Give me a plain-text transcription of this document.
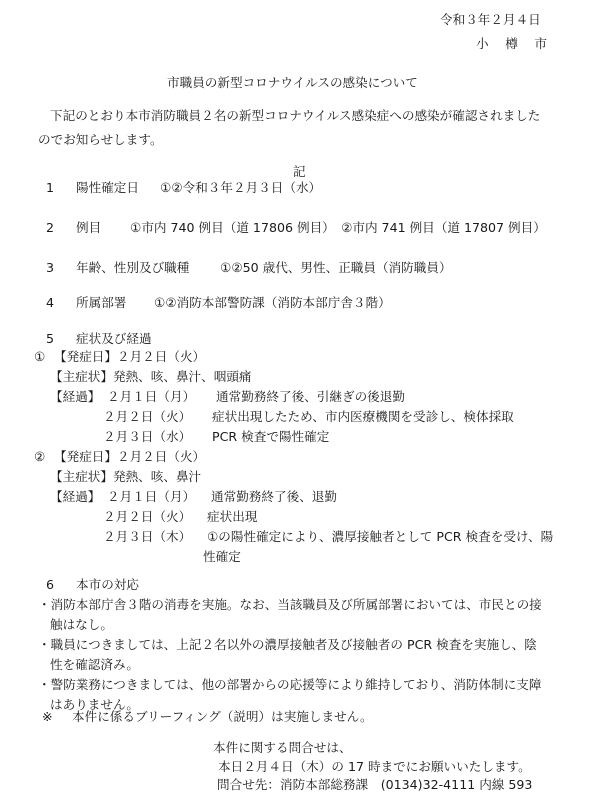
令和３年２月４日
小　樽　市
市職員の新型コロナウイルスの感染について
下記のとおり本市消防職員２名の新型コロナウイルス感染症への感染が確認されました
のでお知らせします。
記
1 陽性確定日 ①②令和３年２月３日（水）
2 例目 ①市内 740 例目（道 17806 例目）　②市内 741 例目（道 17807 例目）
3 年齢、性別及び職種 ①②50 歳代、男性、正職員（消防職員）
4 所属部署 ①②消防本部警防課（消防本部庁舎３階）
5 症状及び経過
① 【発症日】２月２日（火）
【主症状】発熱、咳、鼻汁、咽頭痛
【経過】 ２月１日（月） 通常勤務終了後、引継ぎの後退勤
２月２日（火） 症状出現したため、市内医療機関を受診し、検体採取
２月３日（水） PCR 検査で陽性確定
② 【発症日】２月２日（火）
【主症状】発熱、咳、鼻汁
【経過】 ２月１日（月） 通常勤務終了後、退勤
２月２日（火） 症状出現
２月３日（木） ①の陽性確定により、濃厚接触者として PCR 検査を受け、陽
性確定
6 本市の対応
・消防本部庁舎３階の消毒を実施。なお、当該職員及び所属部署においては、市民との接
触はなし。
・職員につきましては、上記２名以外の濃厚接触者及び接触者の PCR 検査を実施し、陰
性を確認済み。
・警防業務につきましては、他の部署からの応援等により維持しており、消防体制に支障
はありません。
※ 本件に係るブリーフィング（説明）は実施しません。
本件に関する問合せは、
本日２月４日（木）の 17 時までにお願いいたします。
問合せ先：消防本部総務課　(0134)32-4111 内線 593
